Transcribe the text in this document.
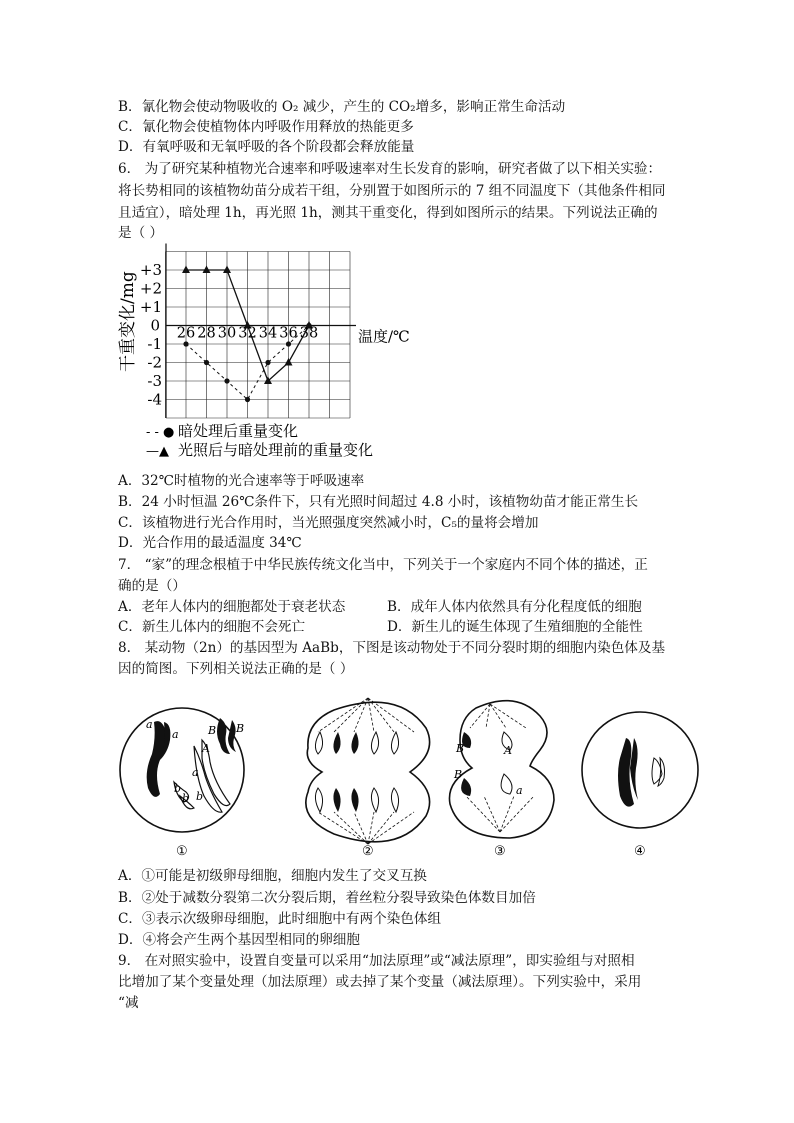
B．氰化物会使动物吸收的 O₂ 减少，产生的 CO₂增多，影响正常生命活动
C．氰化物会使植物体内呼吸作用释放的热能更多
D．有氧呼吸和无氧呼吸的各个阶段都会释放能量
6． 为了研究某种植物光合速率和呼吸速率对生长发育的影响，研究者做了以下相关实验：
将长势相同的该植物幼苗分成若干组，分别置于如图所示的 7 组不同温度下（其他条件相同
且适宜），暗处理 1h，再光照 1h，测其干重变化，得到如图所示的结果。下列说法正确的
是（ ）
干重变化/mg	温度/℃
+3
+2
+1
-1
-2
-3
-4
0 26 28 30 32 34 36 38
- - ● 暗处理后重量变化
—▲ 光照后与暗处理前的重量变化
A．32℃时植物的光合速率等于呼吸速率
B．24 小时恒温 26℃条件下，只有光照时间超过 4.8 小时，该植物幼苗才能正常生长
C．该植物进行光合作用时，当光照强度突然减小时，C₅的量将会增加
D．光合作用的最适温度 34℃
7． “家”的理念根植于中华民族传统文化当中，下列关于一个家庭内不同个体的描述，正
确的是（）
A．老年人体内的细胞都处于衰老状态	B．成年人体内依然具有分化程度低的细胞
C．新生儿体内的细胞不会死亡	D．新生儿的诞生体现了生殖细胞的全能性
8． 某动物（2n）的基因型为 AaBb，下图是该动物处于不同分裂时期的细胞内染色体及基
因的简图。下列相关说法正确的是（ ）
a
a
A
B B
a
b
b b
①	②
B	A
B
a
③	④
A．①可能是初级卵母细胞，细胞内发生了交叉互换
B．②处于减数分裂第二次分裂后期，着丝粒分裂导致染色体数目加倍
C．③表示次级卵母细胞，此时细胞中有两个染色体组
D．④将会产生两个基因型相同的卵细胞
9． 在对照实验中，设置自变量可以采用“加法原理”或“减法原理”，即实验组与对照相
比增加了某个变量处理（加法原理）或去掉了某个变量（减法原理）。下列实验中，采用
“减
